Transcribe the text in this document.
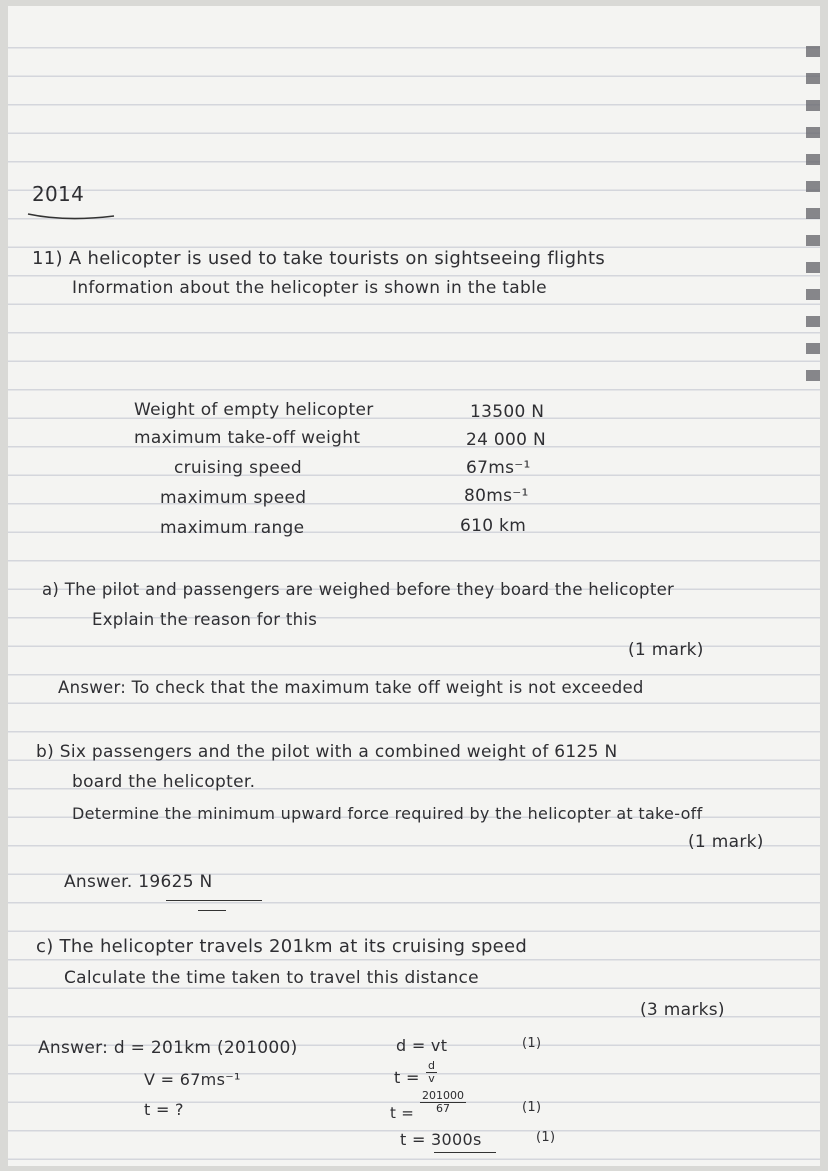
2014
11) A helicopter is used to take tourists on sightseeing flights
Information about the helicopter is shown in the table
Weight of empty helicopter	13500 N
maximum take-off weight	24 000 N
cruising speed	67ms⁻¹
maximum speed	80ms⁻¹
maximum range	610 km
a) The pilot and passengers are weighed before they board the helicopter
Explain the reason for this
(1 mark)
Answer: To check that the maximum take off weight is not exceeded
b) Six passengers and the pilot with a combined weight of 6125 N
board the helicopter.
Determine the minimum upward force required by the helicopter at take-off
(1 mark)
Answer. 19625 N
c) The helicopter travels 201km at its cruising speed
Calculate the time taken to travel this distance
(3 marks)
Answer: d = 201km (201000)
V = 67ms⁻¹
t = ?
d = vt	(1)
$t = \frac{d}{v}$
$t = \frac{201000}{67}$	(1)
t = 3000s	(1)
